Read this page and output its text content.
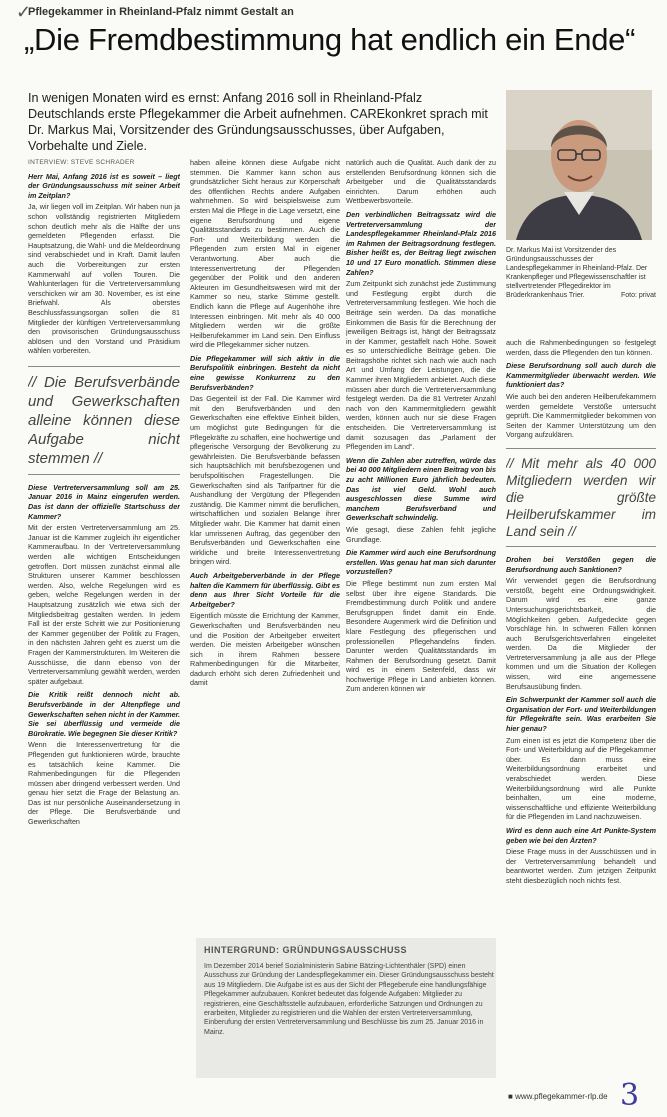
✓
Pflegekammer in Rheinland-Pfalz nimmt Gestalt an
„Die Fremdbestimmung hat endlich ein Ende“
In wenigen Monaten wird es ernst: Anfang 2016 soll in Rheinland-Pfalz Deutschlands erste Pflegekammer die Arbeit aufnehmen. CAREkonkret sprach mit Dr. Markus Mai, Vorsitzender des Gründungsausschusses, über Aufgaben, Vorbehalte und Ziele.
Dr. Markus Mai ist Vorsitzender des Gründungsausschusses der Landespflegekammer in Rheinland-Pfalz. Der Krankenpfleger und Pflegewissenschaftler ist stellvertretender Pflegedirektor im Brüderkrankenhaus Trier.	Foto: privat
INTERVIEW: STEVE SCHRADER

Herr Mai, Anfang 2016 ist es soweit – liegt der Gründungsausschuss mit seiner Arbeit im Zeitplan?

Ja, wir liegen voll im Zeitplan. Wir haben nun ja schon vollständig registrierten Mitgliedern schon deutlich mehr als die Hälfte der uns gemeldeten Pflegenden erfasst. Die Hauptsatzung, die Wahl- und die Meldeordnung sind verabschiedet und in Kraft. Damit laufen auch die Vorbereitungen zur ersten Kammerwahl auf vollen Touren. Die Wahlunterlagen für die Vertreterversammlung verschicken wir am 30. November, es ist eine Briefwahl. Als oberstes Beschlussfassungsorgan sollen die 81 Mitglieder der künftigen Vertreterversammlung den provisorischen Gründungsausschuss ablösen und den Vorstand und Präsidium wählen vorbereiten.

// Die Berufsverbände und Gewerkschaften alleine können diese Aufgabe nicht stemmen //

Diese Vertreterversammlung soll am 25. Januar 2016 in Mainz eingerufen werden. Das ist dann der offizielle Startschuss der Kammer?

Mit der ersten Vertreterversammlung am 25. Januar ist die Kammer zugleich ihr eigentlicher Kammeraufbau. In der Vertreterversammlung werden alle wichtigen Entscheidungen getroffen. Dort müssen zunächst einmal alle Strukturen unserer Kammer beschlossen werden. Also, welche Regelungen wird es geben, welche Regelungen werden in der Hauptsatzung zusätzlich wie etwa sich der Mitgliedsbeitrag gestalten werden. In jedem Fall ist der erste Schritt wie zur Positionierung der Kammer gegenüber der Politik zu Fragen, in den nächsten Jahren geht es zuerst um die Fragen der Kammerstrukturen. Im Weiteren die Ausschüsse, die dann ebenso von der Vertreterversammlung gewählt werden, werden später aufgebaut.

Die Kritik reißt dennoch nicht ab. Berufsverbände in der Altenpflege und Gewerkschaften sehen nicht in der Kammer. Sie sei überflüssig und vermeide die Bürokratie. Wie begegnen Sie dieser Kritik?

Wenn die Interessenvertretung für die Pflegenden gut funktionieren würde, brauchte es tatsächlich keine Kammer. Die Rahmenbedingungen für die Pflegenden müssen aber dringend verbessert werden. Und genau hier setzt die Frage der Belastung an. Das ist nur persönliche Auseinandersetzung in der Pflege. Die Berufsverbände und Gewerkschaften

haben alleine können diese Aufgabe nicht stemmen. Die Kammer kann schon aus grundsätzlicher Sicht heraus zur Körperschaft des öffentlichen Rechts andere Aufgaben wahrnehmen. So wird beispielsweise zum ersten Mal die Pflege in die Lage versetzt, eine eigene Berufsordnung und eigene Qualitätsstandards zu bestimmen. Auch die Fort- und Weiterbildung werden die Pflegenden zum ersten Mal in eigener Verantwortung. Aber auch die Interessenvertretung der Pflegenden gegenüber der Politik und den anderen Akteuren im Gesundheitswesen wird mit der Kammer so neu, starke Stimme gestellt. Endlich kann die Pflege auf Augenhöhe ihre Interessen einbringen. Mit mehr als 40 000 Mitgliedern werden wir die größte Heilberufekammer im Land sein. Den Einfluss wird die Pflegekammer sicher nutzen.

Die Pflegekammer will sich aktiv in die Berufspolitik einbringen. Besteht da nicht eine gewisse Konkurrenz zu den Berufsverbänden?

Das Gegenteil ist der Fall. Die Kammer wird mit den Berufsverbänden und den Gewerkschaften eine effektive Einheit bilden, um möglichst gute Bedingungen für die Pflegekräfte zu schaffen, eine hochwertige und pflegerische Versorgung der Bevölkerung zu gewährleisten. Die Berufsverbände befassen sich hauptsächlich mit berufsbezogenen und berufspolitischen Fragestellungen. Die Gewerkschaften sind als Tarifpartner für die Aushandlung der Vergütung der Pflegenden zuständig. Die Kammer nimmt die beruflichen, wirtschaftlichen und sozialen Belange ihrer Mitglieder wahr. Die Kammer hat damit einen klar umrissenen Auftrag, das gegenüber den Berufsverbänden und Gewerkschaften eine wirkliche und breite Interessenvertretung bringen wird.

Auch Arbeitgeberverbände in der Pflege halten die Kammern für überflüssig. Gibt es denn aus Ihrer Sicht Vorteile für die Arbeitgeber?

Eigentlich müsste die Errichtung der Kammer, Gewerkschaften und Berufsverbänden neu und die Position der Arbeitgeber erweitert werden. Die meisten Arbeitgeber wünschen sich in ihrem Rahmen bessere Rahmenbedingungen für die Mitarbeiter, dadurch erhöht sich deren Zufriedenheit und damit

natürlich auch die Qualität. Auch dank der zu erstellenden Berufsordnung können sich die Arbeitgeber und die Qualitätsstandards einrichten. Darum erhöhen auch Wettbewerbsvorteile.

Den verbindlichen Beitragssatz wird die Vertreterversammlung der Landespflegekammer Rheinland-Pfalz 2016 im Rahmen der Beitragsordnung festlegen. Bisher heißt es, der Beitrag liegt zwischen 10 und 17 Euro monatlich. Stimmen diese Zahlen?

Zum Zeitpunkt sich zunächst jede Zustimmung und Festlegung ergibt durch die Vertreterversammlung festlegen. Wie hoch die Beiträge sein werden. Da das monatliche Einkommen die Basis für die Berechnung der jeweiligen Beitrags ist, hängt der Beitragssatz in der Kammer, gestaffelt nach Höhe. Soweit es so unterschiedliche Beiträge geben. Die Beitragshöhe richtet sich nach wie auch nach Art und Umfang der Leistungen, die die Kammer ihren Mitgliedern anbietet. Auch diese müssen aber durch die Vertreterversammlung festgelegt werden. Da die 81 Vertreter Anzahl nach von den Kammermitgliedern gewählt werden, können auch nur sie diese Fragen entscheiden. Die Vertreterversammlung ist damit sozusagen das „Parlament der Pflegenden im Land“.

Wenn die Zahlen aber zutreffen, würde das bei 40 000 Mitgliedern einen Beitrag von bis zu acht Millionen Euro jährlich bedeuten. Das ist viel Geld. Wohl auch ausgeschlossen diese Summe wird manchem Berufsverband und Gewerkschaft schwindelig.

Wie gesagt, diese Zahlen fehlt jegliche Grundlage.

Die Kammer wird auch eine Berufsordnung erstellen. Was genau hat man sich darunter vorzustellen?

Die Pflege bestimmt nun zum ersten Mal selbst über ihre eigene Standards. Die Fremdbestimmung durch Politik und andere Berufsgruppen findet damit ein Ende. Besondere Augenmerk wird die Definition und klare Festlegung des pflegerischen und professionellen Pflegehandelns finden. Darunter werden Qualitätsstandards im Rahmen der Berufsordnung gesetzt. Damit wird es in einem Seitenfeld, dass wir hochwertige Pflege in Land anbieten können. Zum anderen können wir

auch die Rahmenbedingungen so festgelegt werden, dass die Pflegenden den tun können.

Diese Berufsordnung soll auch durch die Kammermitglieder überwacht werden. Wie funktioniert das?

Wie auch bei den anderen Heilberufekammern werden gemeldete Verstöße untersucht geprüft. Die Kammermitglieder bekommen von Seiten der Kammer Unterstützung um den Vorgang aufzuklären.

// Mit mehr als 40 000 Mitgliedern werden wir die größte Heilberufskammer im Land sein //

Drohen bei Verstößen gegen die Berufsordnung auch Sanktionen?

Wir verwendet gegen die Berufsordnung verstößt, begeht eine Ordnungswidrigkeit. Darum wird es eine ganze Untersuchungsgerichtsbarkeit, die Möglichkeiten geben. Aufgedeckte gegen Vorschläge hin. In schweren Fällen können auch Berufsgerichtsverfahren eingeleitet werden. Da die Mitglieder der Vertreterversammlung ja alle aus der Pflege kommen und um die Situation der Kollegen wissen, wird eine angemessene Berufsausübung finden.

Ein Schwerpunkt der Kammer soll auch die Organisation der Fort- und Weiterbildungen für Pflegekräfte sein. Was erarbeiten Sie hier genau?

Zum einen ist es jetzt die Kompetenz über die Fort- und Weiterbildung auf die Pflegekammer über. Es dann muss eine Weiterbildungsordnung erarbeitet und verabschiedet werden. Diese Weiterbildungsordnung wird alle Punkte beinhalten, um eine moderne, wissenschaftliche und effiziente Weiterbildung für die Pflegenden im Land nachzuweisen.

Wird es denn auch eine Art Punkte-System geben wie bei den Ärzten?

Diese Frage muss in der Ausschüssen und in der Vertreterversammlung behandelt und beantwortet werden. Zum jetzigen Zeitpunkt steht diesbezüglich noch nichts fest.

HINTERGRUND: GRÜNDUNGSAUSSCHUSS
Im Dezember 2014 berief Sozialministerin Sabine Bätzing-Lichtenthäler (SPD) einen Ausschuss zur Gründung der Landespflegekammer ein. Dieser Gründungsausschuss besteht aus 19 Mitgliedern. Die Aufgabe ist es aus der Sicht der Pflegeberufe eine handlungsfähige Pflegekammer aufzubauen. Konkret bedeutet das folgende Aufgaben: Mitglieder zu registrieren, eine Geschäftsstelle aufzubauen, erforderliche Satzungen und Ordnungen zu erarbeiten, Mitglieder zu registrieren und die Wahlen der ersten Vertreterversammlung, Einberufung der ersten Vertreterversammlung und Beschlüsse bis zum 25. Januar 2016 in Mainz.
■ www.pflegekammer-rlp.de 3
